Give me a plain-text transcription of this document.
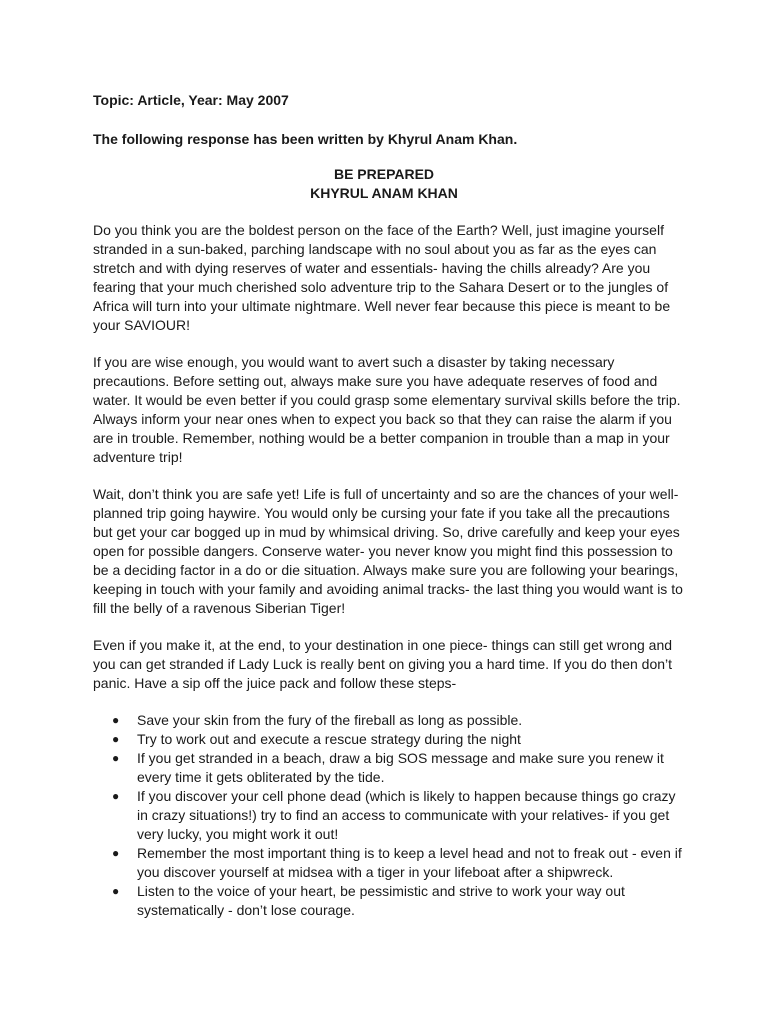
Topic: Article, Year: May 2007
The following response has been written by Khyrul Anam Khan.
BE PREPARED
KHYRUL ANAM KHAN

Do you think you are the boldest person on the face of the Earth? Well, just imagine yourself stranded in a sun-baked, parching landscape with no soul about you as far as the eyes can stretch and with dying reserves of water and essentials- having the chills already? Are you fearing that your much cherished solo adventure trip to the Sahara Desert or to the jungles of Africa will turn into your ultimate nightmare. Well never fear because this piece is meant to be your SAVIOUR!

If you are wise enough, you would want to avert such a disaster by taking necessary precautions. Before setting out, always make sure you have adequate reserves of food and water. It would be even better if you could grasp some elementary survival skills before the trip. Always inform your near ones when to expect you back so that they can raise the alarm if you are in trouble. Remember, nothing would be a better companion in trouble than a map in your adventure trip!

Wait, don’t think you are safe yet! Life is full of uncertainty and so are the chances of your well-planned trip going haywire. You would only be cursing your fate if you take all the precautions but get your car bogged up in mud by whimsical driving. So, drive carefully and keep your eyes open for possible dangers. Conserve water- you never know you might find this possession to be a deciding factor in a do or die situation. Always make sure you are following your bearings, keeping in touch with your family and avoiding animal tracks- the last thing you would want is to fill the belly of a ravenous Siberian Tiger!

Even if you make it, at the end, to your destination in one piece- things can still get wrong and you can get stranded if Lady Luck is really bent on giving you a hard time. If you do then don’t panic. Have a sip off the juice pack and follow these steps-

● Save your skin from the fury of the fireball as long as possible.
● Try to work out and execute a rescue strategy during the night
● If you get stranded in a beach, draw a big SOS message and make sure you renew it every time it gets obliterated by the tide.
● If you discover your cell phone dead (which is likely to happen because things go crazy in crazy situations!) try to find an access to communicate with your relatives- if you get very lucky, you might work it out!
● Remember the most important thing is to keep a level head and not to freak out - even if you discover yourself at midsea with a tiger in your lifeboat after a shipwreck.
● Listen to the voice of your heart, be pessimistic and strive to work your way out systematically - don’t lose courage.
